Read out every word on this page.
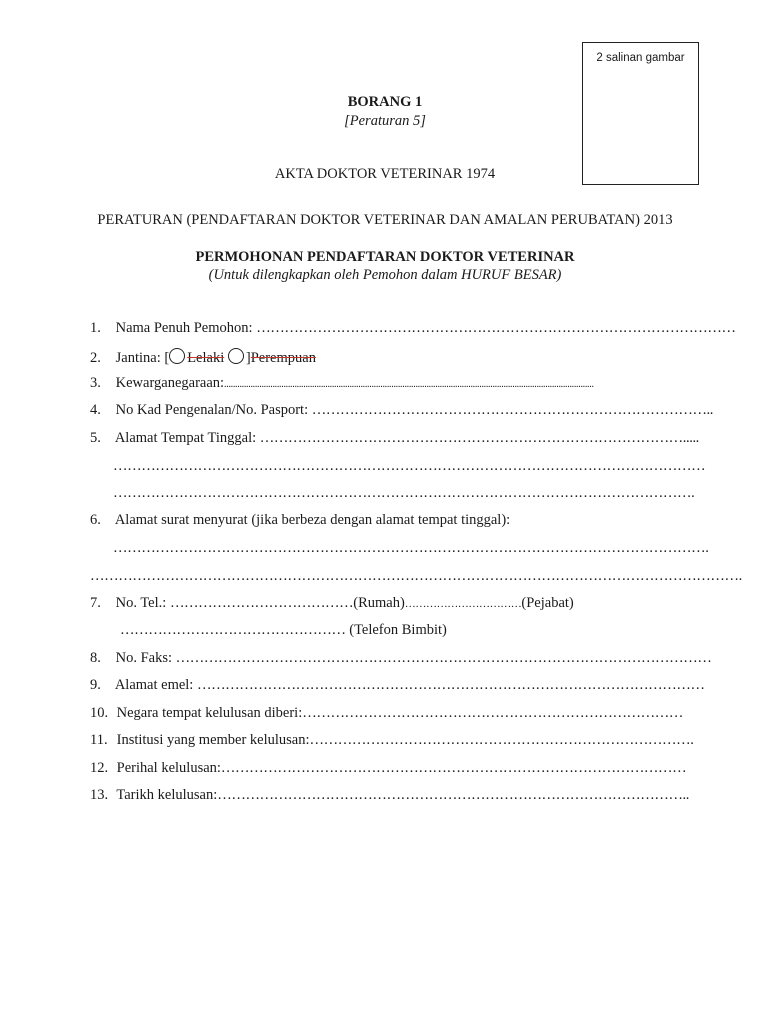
2 salinan gambar
BORANG 1
[Peraturan 5]
AKTA DOKTOR VETERINAR 1974
PERATURAN (PENDAFTARAN DOKTOR VETERINAR DAN AMALAN PERUBATAN) 2013
PERMOHONAN PENDAFTARAN DOKTOR VETERINAR
(Untuk dilengkapkan oleh Pemohon dalam HURUF BESAR)
1. Nama Penuh Pemohon: …………………………………………………………………………………………
2. Jantina: [ Lelaki ]Perempuan
3. Kewarganegaraan:........................................................................................................................................................................
4. No Kad Pengenalan/No. Pasport: …………………………………………………………………………..
5. Alamat Tempat Tinggal: ……………………………………………………………………………….....
………………………………………………………………………………………………………………
…………………………………………………………………………………………………………….
6. Alamat surat menyurat (jika berbeza dengan alamat tempat tinggal):
……………………………………………………………………………………………………………….
………………………………………………………………………………………………………………………….
7. No. Tel.: …………………………………(Rumah)……………………………(Pejabat)
………………………………………… (Telefon Bimbit)
8. No. Faks: ……………………………………………………………………………………………………
9. Alamat emel: ………………………………………………………………………………………………
10. Negara tempat kelulusan diberi:………………………………………………………………………
11. Institusi yang member kelulusan:……………………………………………………………………….
12. Perihal kelulusan:………………………………………………………………………………………
13. Tarikh kelulusan:………………………………………………………………………………………..
